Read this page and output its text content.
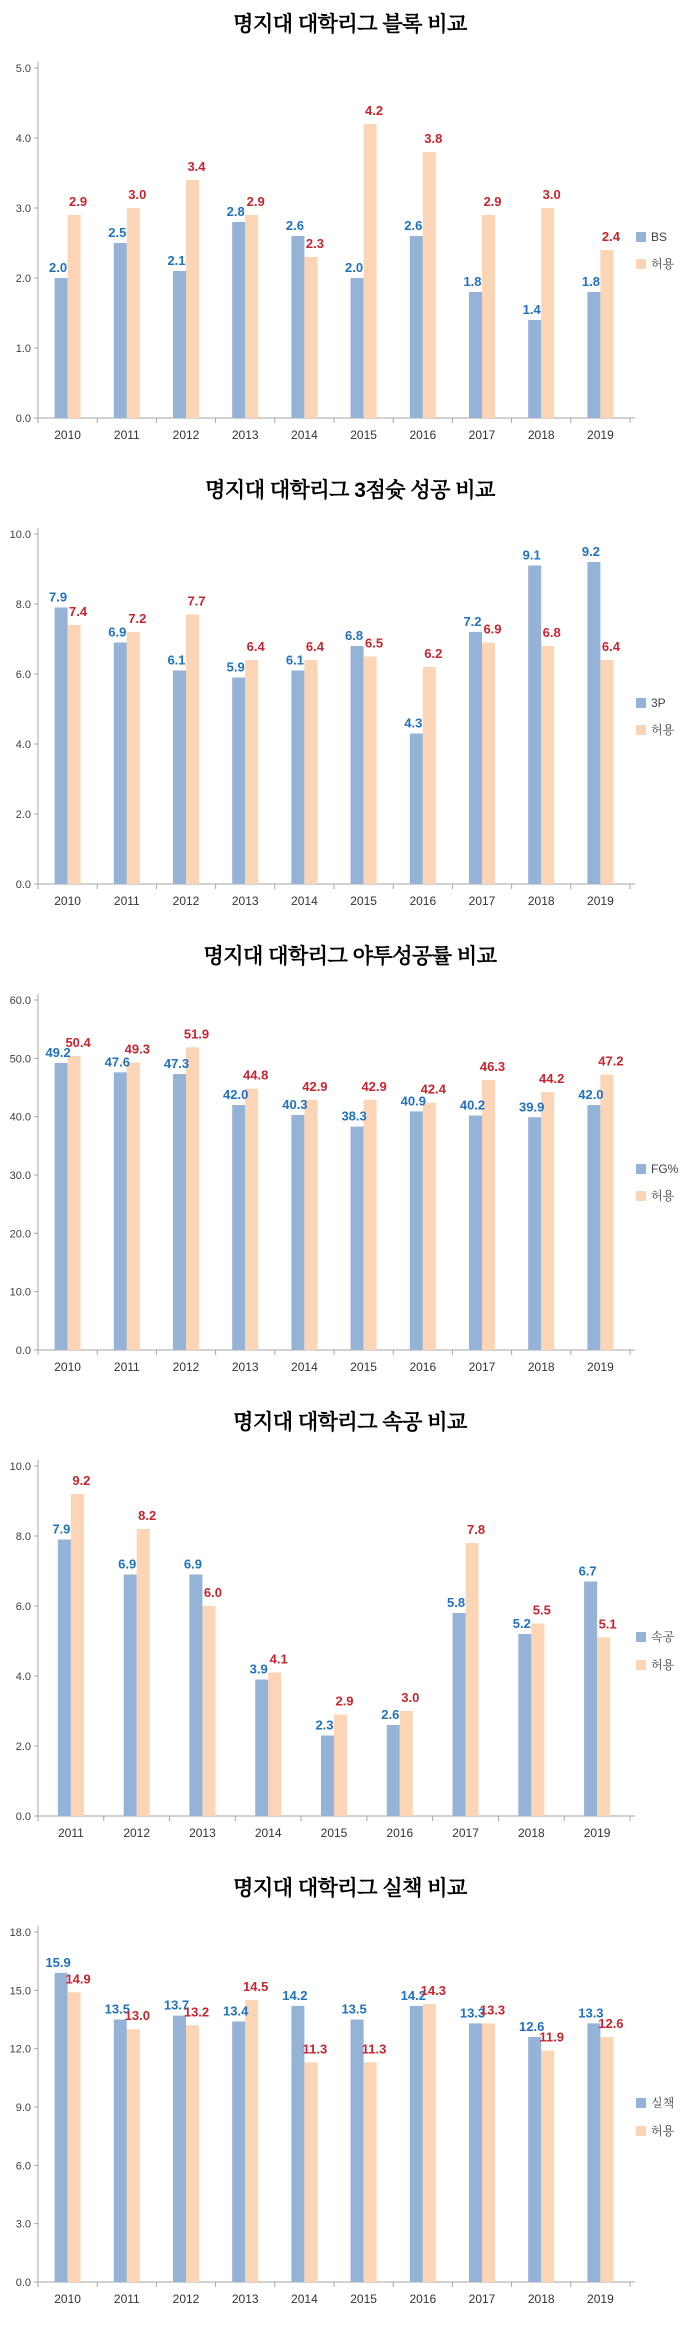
명지대 대학리그 블록 비교
0.0
1.0
2.0
3.0
4.0
5.0
2010	2011	2012	2013	2014	2015	2016	2017	2018	2019
2.0
2.9
2.5
3.0
2.1
3.4
2.8
2.9
2.6
2.3
2.0
4.2
2.6
3.8
1.8
2.9
1.4
3.0
1.8
2.4	BS
허용
명지대 대학리그 3점슛 성공 비교
0.0
2.0
4.0
6.0
8.0
10.0
2010	2011	2012	2013	2014	2015	2016	2017	2018	2019
7.9
7.4
6.9
7.2
6.1
7.7
5.9
6.4
6.1
6.4
6.8 6.5
4.3
6.2
7.2 6.9
9.1
6.8
9.2
6.4
3P
허용
명지대 대학리그 야투성공률 비교
0.0
10.0
20.0
30.0
40.0
50.0
60.0
2010	2011	2012	2013	2014	2015	2016	2017	2018	2019
49.2
50.4
47.6
49.3
47.3
51.9
42.0
44.8
40.3
42.9
38.3
42.9
40.9
42.4
40.2
46.3
39.9
44.2
42.0
47.2
FG%
허용
명지대 대학리그 속공 비교
0.0
2.0
4.0
6.0
8.0
10.0
2011	2012	2013	2014	2015	2016	2017	2018	2019
7.9
9.2
6.9
8.2
6.9
6.0
3.9
4.1
2.3
2.9
2.6
3.0
5.8
7.8
5.2
5.5
6.7
5.1
속공
허용
명지대 대학리그 실책 비교
0.0
3.0
6.0
9.0
12.0
15.0
18.0
2010	2011	2012	2013	2014	2015	2016	2017	2018	2019
15.9
14.9
13.5
13.0
13.7
13.2 13.4
14.5
14.2
11.3
13.5
11.3
14.2
14.3
13.3
13.3
12.6
11.9
13.3
12.6
실책
허용
